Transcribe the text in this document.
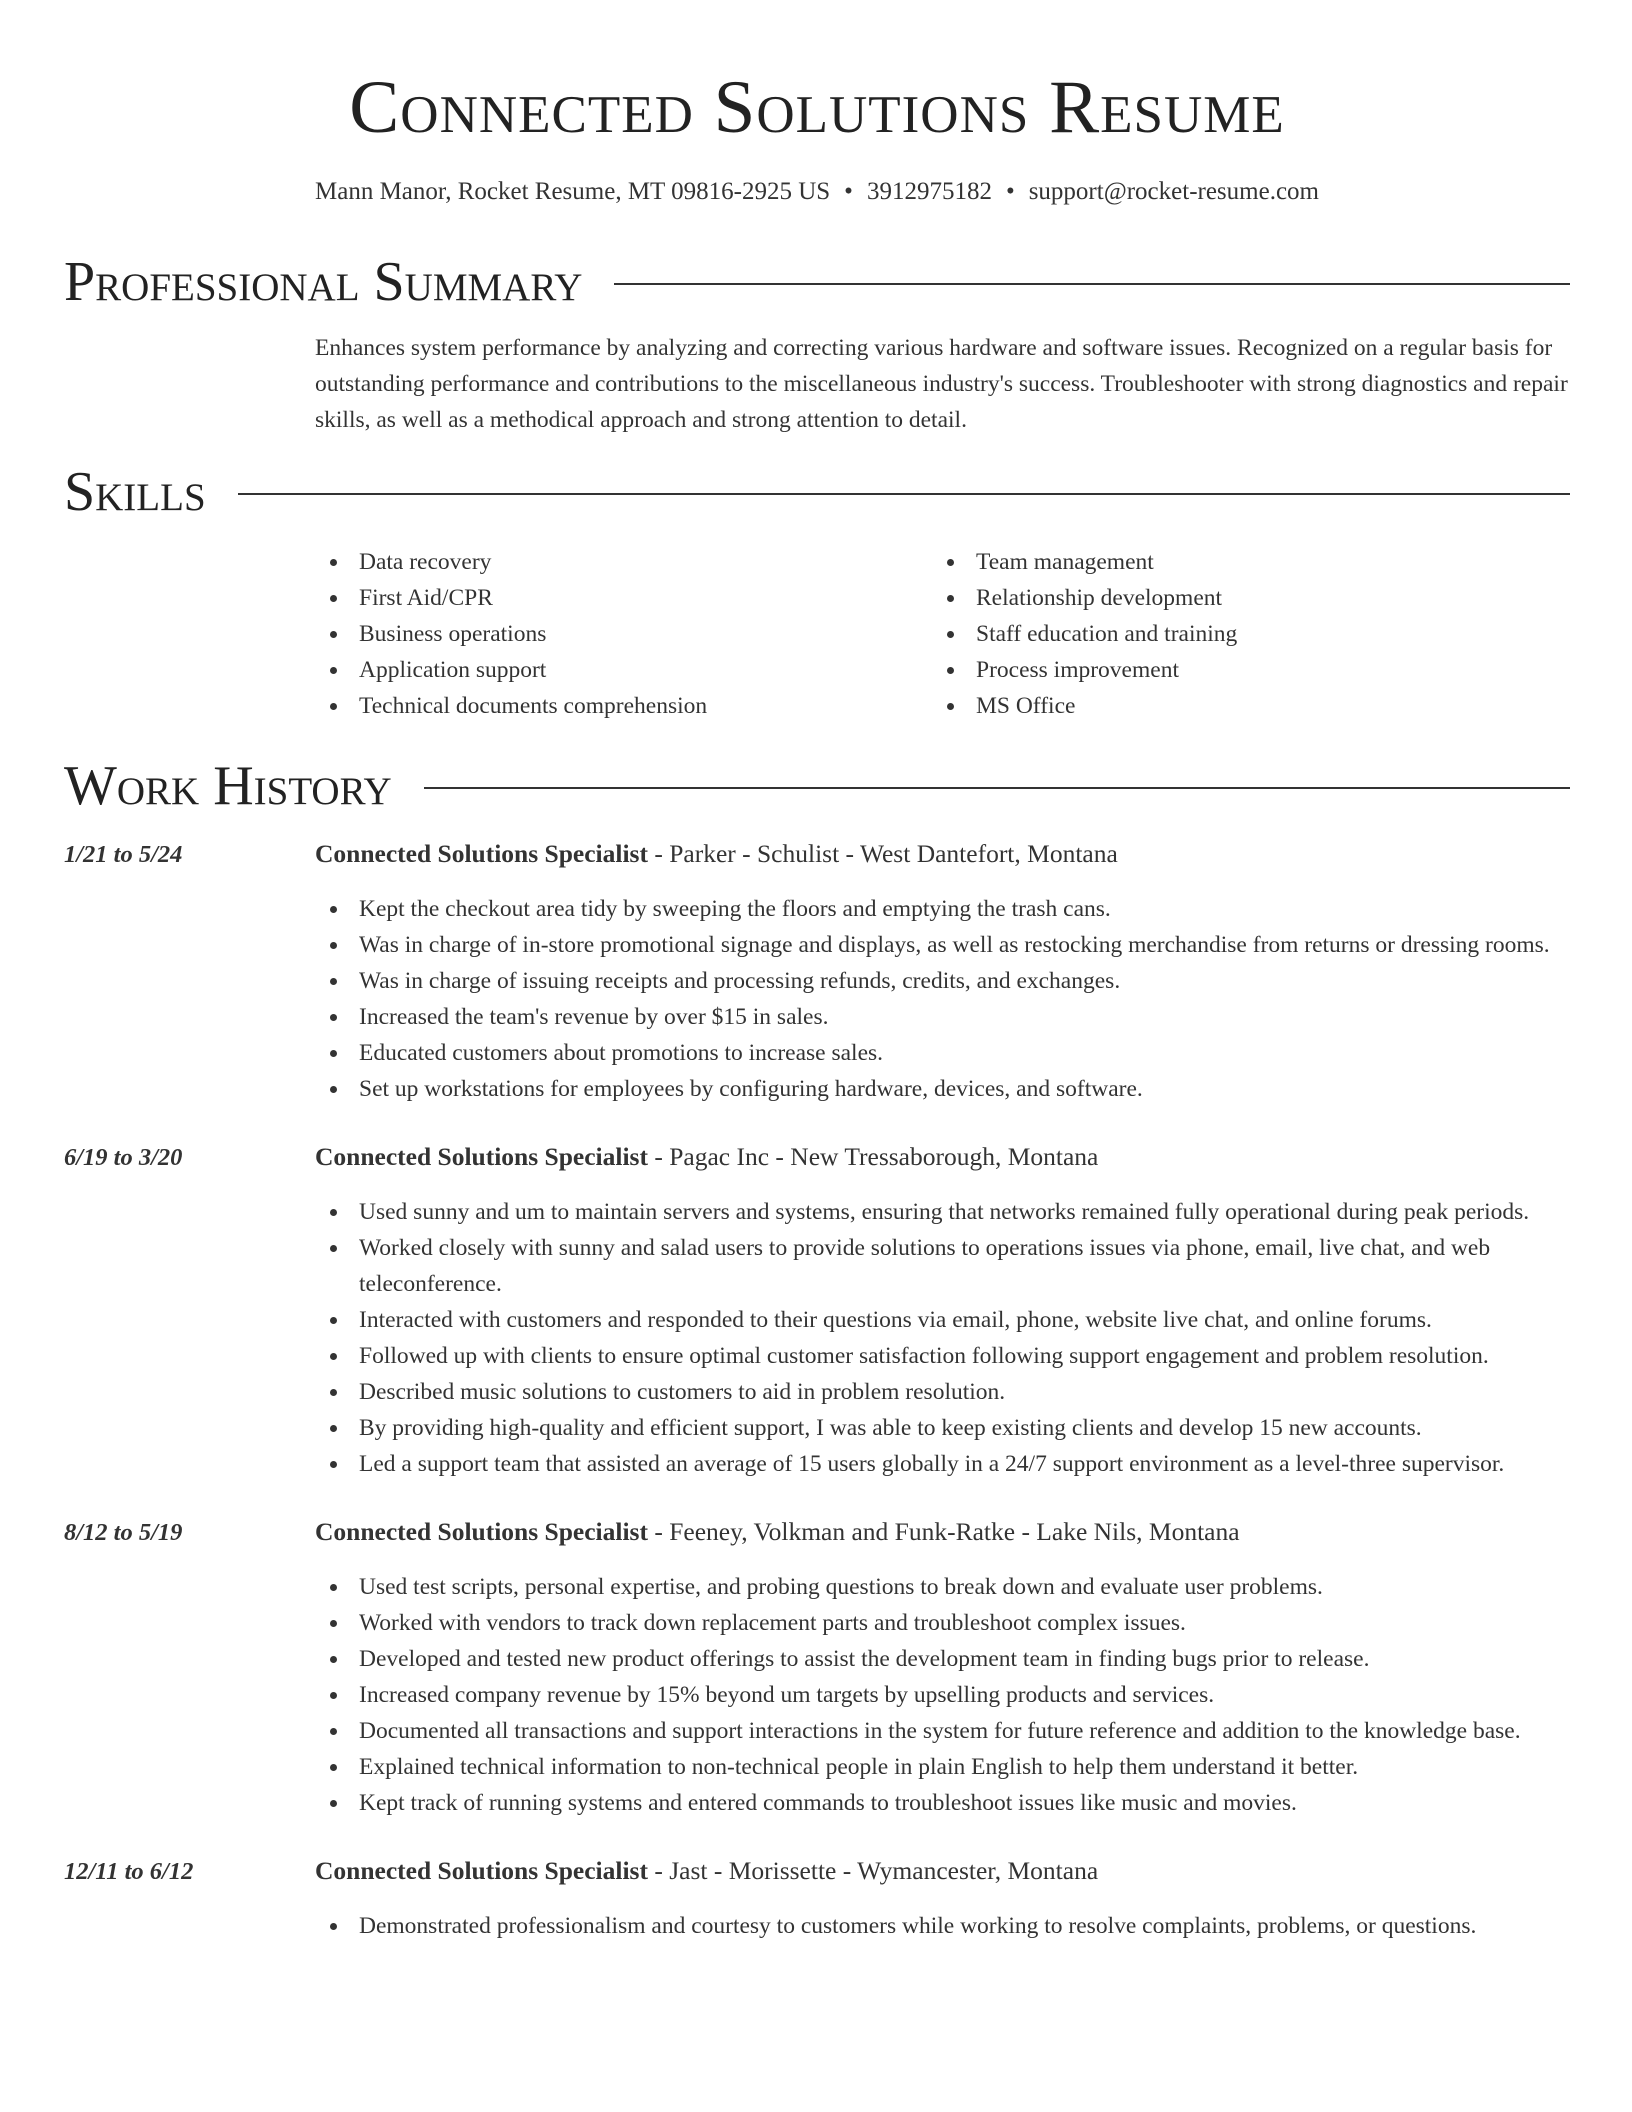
Connected Solutions Resume
Mann Manor, Rocket Resume, MT 09816-2925 US • 3912975182 • support@rocket-resume.com
Professional Summary

Enhances system performance by analyzing and correcting various hardware and software issues. Recognized on a regular basis for outstanding performance and contributions to the miscellaneous industry's success. Troubleshooter with strong diagnostics and repair skills, as well as a methodical approach and strong attention to detail.

Skills
Data recovery
First Aid/CPR
Business operations
Application support
Technical documents comprehension
Team management
Relationship development
Staff education and training
Process improvement
MS Office
Work History
1/21 to 5/24	Connected Solutions Specialist - Parker - Schulist - West Dantefort, Montana
Kept the checkout area tidy by sweeping the floors and emptying the trash cans.
Was in charge of in-store promotional signage and displays, as well as restocking merchandise from returns or dressing rooms.
Was in charge of issuing receipts and processing refunds, credits, and exchanges.
Increased the team's revenue by over $15 in sales.
Educated customers about promotions to increase sales.
Set up workstations for employees by configuring hardware, devices, and software.
6/19 to 3/20	Connected Solutions Specialist - Pagac Inc - New Tressaborough, Montana
Used sunny and um to maintain servers and systems, ensuring that networks remained fully operational during peak periods.
Worked closely with sunny and salad users to provide solutions to operations issues via phone, email, live chat, and web teleconference.
Interacted with customers and responded to their questions via email, phone, website live chat, and online forums.
Followed up with clients to ensure optimal customer satisfaction following support engagement and problem resolution.
Described music solutions to customers to aid in problem resolution.
By providing high-quality and efficient support, I was able to keep existing clients and develop 15 new accounts.
Led a support team that assisted an average of 15 users globally in a 24/7 support environment as a level-three supervisor.
8/12 to 5/19	Connected Solutions Specialist - Feeney, Volkman and Funk-Ratke - Lake Nils, Montana
Used test scripts, personal expertise, and probing questions to break down and evaluate user problems.
Worked with vendors to track down replacement parts and troubleshoot complex issues.
Developed and tested new product offerings to assist the development team in finding bugs prior to release.
Increased company revenue by 15% beyond um targets by upselling products and services.
Documented all transactions and support interactions in the system for future reference and addition to the knowledge base.
Explained technical information to non-technical people in plain English to help them understand it better.
Kept track of running systems and entered commands to troubleshoot issues like music and movies.
12/11 to 6/12	Connected Solutions Specialist - Jast - Morissette - Wymancester, Montana
Demonstrated professionalism and courtesy to customers while working to resolve complaints, problems, or questions.
